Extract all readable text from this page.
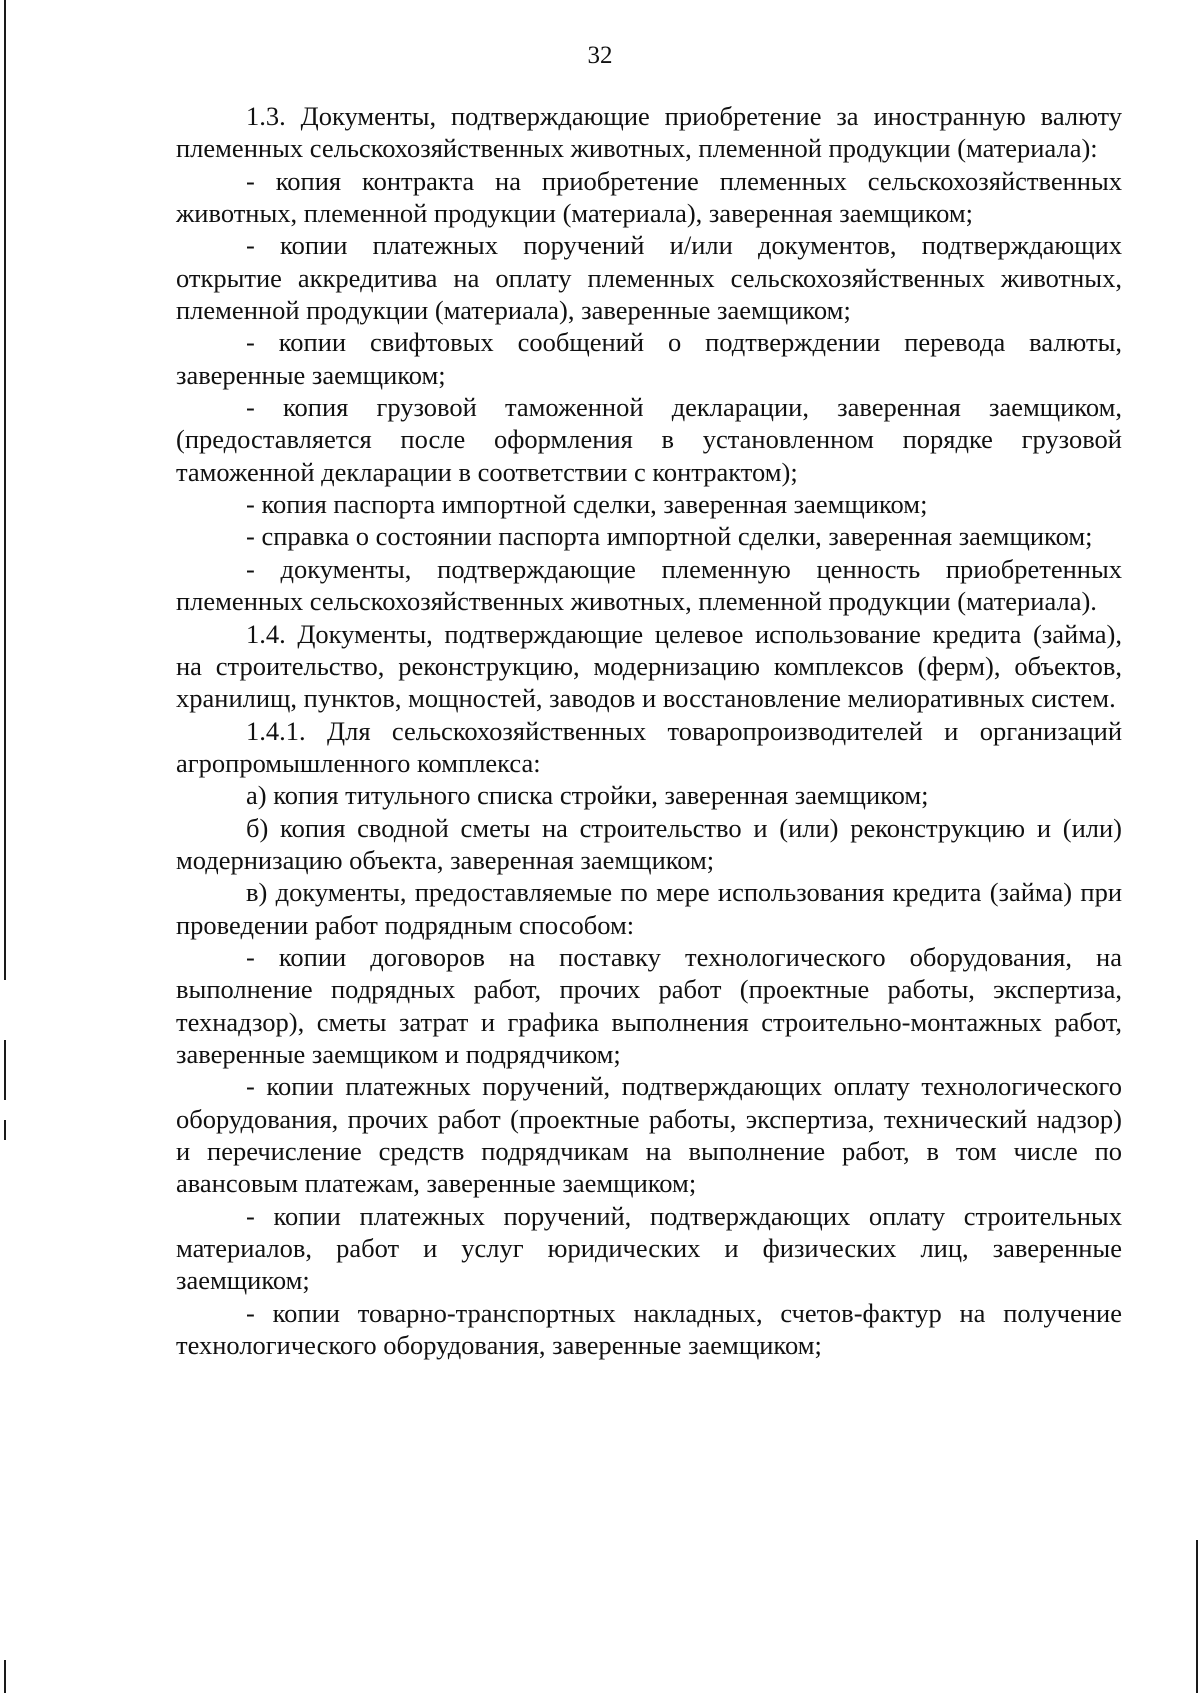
32

1.3. Документы, подтверждающие приобретение за иностранную валюту племенных сельскохозяйственных животных, племенной продукции (материала):

- копия контракта на приобретение племенных сельскохозяйственных животных, племенной продукции (материала), заверенная заемщиком;

- копии платежных поручений и/или документов, подтверждающих открытие аккредитива на оплату племенных сельскохозяйственных животных, племенной продукции (материала), заверенные заемщиком;

- копии свифтовых сообщений о подтверждении перевода валюты, заверенные заемщиком;

- копия грузовой таможенной декларации, заверенная заемщиком, (предоставляется после оформления в установленном порядке грузовой таможенной декларации в соответствии с контрактом);

- копия паспорта импортной сделки, заверенная заемщиком;

- справка о состоянии паспорта импортной сделки, заверенная заемщиком;

- документы, подтверждающие племенную ценность приобретенных племенных сельскохозяйственных животных, племенной продукции (материала).

1.4. Документы, подтверждающие целевое использование кредита (займа), на строительство, реконструкцию, модернизацию комплексов (ферм), объектов, хранилищ, пунктов, мощностей, заводов и восстановление мелиоративных систем.

1.4.1. Для сельскохозяйственных товаропроизводителей и организаций агропромышленного комплекса:

а) копия титульного списка стройки, заверенная заемщиком;

б) копия сводной сметы на строительство и (или) реконструкцию и (или) модернизацию объекта, заверенная заемщиком;

в) документы, предоставляемые по мере использования кредита (займа) при проведении работ подрядным способом:

- копии договоров на поставку технологического оборудования, на выполнение подрядных работ, прочих работ (проектные работы, экспертиза, технадзор), сметы затрат и графика выполнения строительно-монтажных работ, заверенные заемщиком и подрядчиком;

- копии платежных поручений, подтверждающих оплату технологического оборудования, прочих работ (проектные работы, экспертиза, технический надзор) и перечисление средств подрядчикам на выполнение работ, в том числе по авансовым платежам, заверенные заемщиком;

- копии платежных поручений, подтверждающих оплату строительных материалов, работ и услуг юридических и физических лиц, заверенные заемщиком;

- копии товарно-транспортных накладных, счетов-фактур на получение технологического оборудования, заверенные заемщиком;
